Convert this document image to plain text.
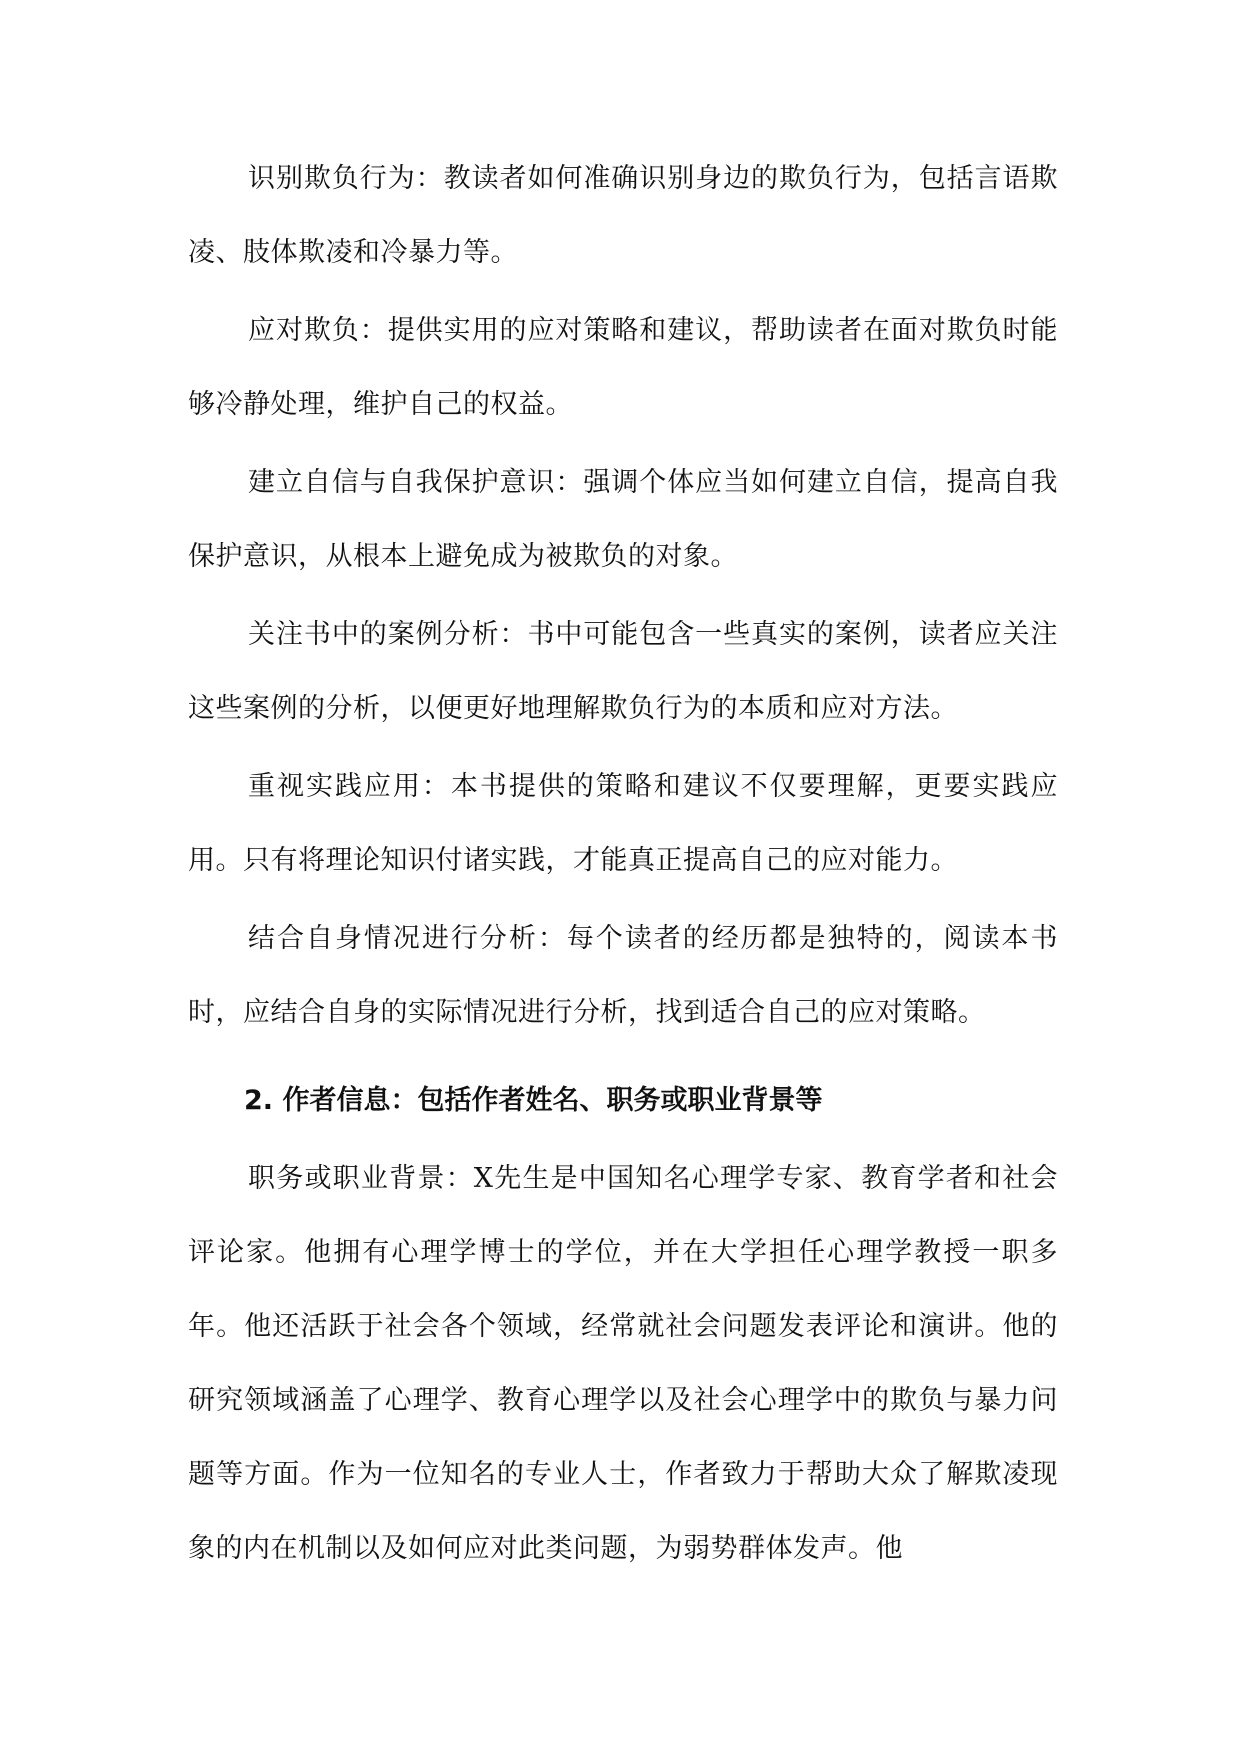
识别欺负行为：教读者如何准确识别身边的欺负行为，包括言语欺凌、肢体欺凌和冷暴力等。

应对欺负：提供实用的应对策略和建议，帮助读者在面对欺负时能够冷静处理，维护自己的权益。

建立自信与自我保护意识：强调个体应当如何建立自信，提高自我保护意识，从根本上避免成为被欺负的对象。

关注书中的案例分析：书中可能包含一些真实的案例，读者应关注这些案例的分析，以便更好地理解欺负行为的本质和应对方法。

重视实践应用：本书提供的策略和建议不仅要理解，更要实践应用。只有将理论知识付诸实践，才能真正提高自己的应对能力。

结合自身情况进行分析：每个读者的经历都是独特的，阅读本书时，应结合自身的实际情况进行分析，找到适合自己的应对策略。

2. 作者信息：包括作者姓名、职务或职业背景等

职务或职业背景：X先生是中国知名心理学专家、教育学者和社会评论家。他拥有心理学博士的学位，并在大学担任心理学教授一职多年。他还活跃于社会各个领域，经常就社会问题发表评论和演讲。他的研究领域涵盖了心理学、教育心理学以及社会心理学中的欺负与暴力问题等方面。作为一位知名的专业人士，作者致力于帮助大众了解欺凌现象的内在机制以及如何应对此类问题，为弱势群体发声。他
